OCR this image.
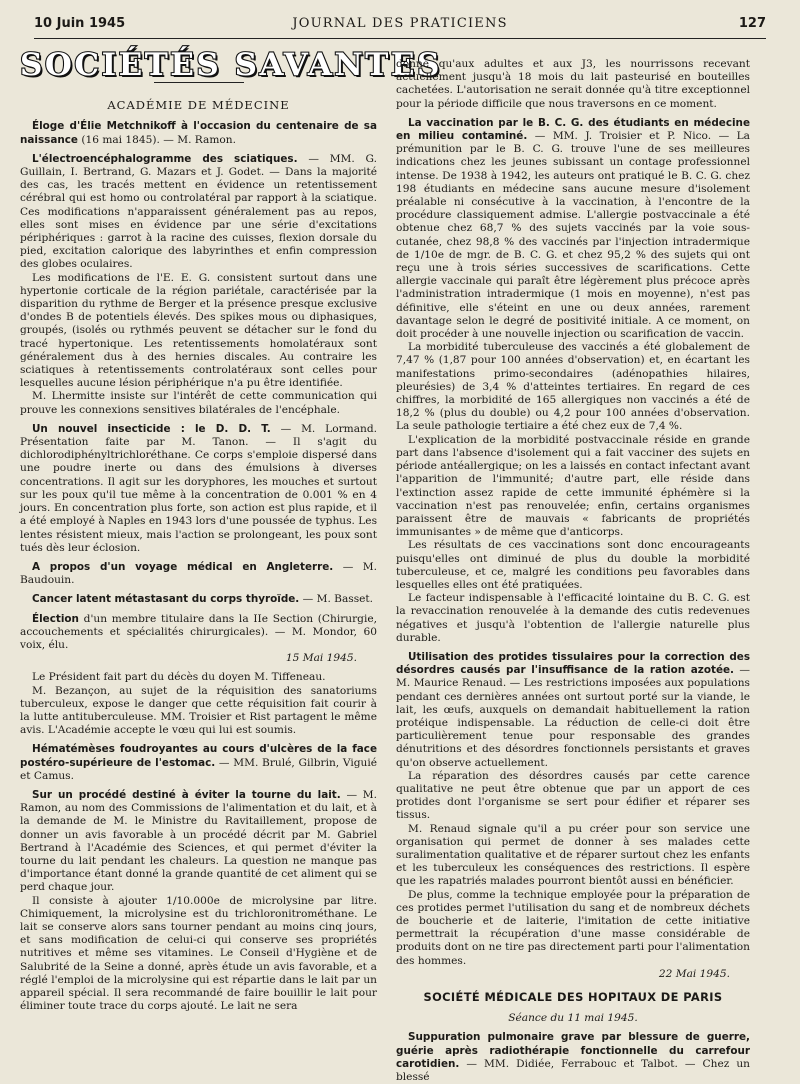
10 Juin 1945	JOURNAL DES PRATICIENS	127
SOCIÉTÉS SAVANTES
ACADÉMIE DE MÉDECINE

Éloge d'Élie Metchnikoff à l'occasion du centenaire de sa naissance (16 mai 1845). — M. Ramon.

L'électroencéphalogramme des sciatiques. — MM. G. Guillain, I. Bertrand, G. Mazars et J. Godet. — Dans la majorité des cas, les tracés mettent en évidence un retentissement cérébral qui est homo ou controlatéral par rapport à la sciatique. Ces modifications n'apparaissent généralement pas au repos, elles sont mises en évidence par une série d'excitations périphériques : garrot à la racine des cuisses, flexion dorsale du pied, excitation calorique des labyrinthes et enfin compression des globes oculaires.

Les modifications de l'E. E. G. consistent surtout dans une hypertonie corticale de la région pariétale, caractérisée par la disparition du rythme de Berger et la présence presque exclusive d'ondes B de potentiels élevés. Des spikes mous ou diphasiques, groupés, (isolés ou rythmés peuvent se détacher sur le fond du tracé hypertonique. Les retentissements homolatéraux sont généralement dus à des hernies discales. Au contraire les sciatiques à retentissements controlatéraux sont celles pour lesquelles aucune lésion périphérique n'a pu être identifiée.

M. Lhermitte insiste sur l'intérêt de cette communication qui prouve les connexions sensitives bilatérales de l'encéphale.

Un nouvel insecticide : le D. D. T. — M. Lormand. Présentation faite par M. Tanon. — Il s'agit du dichlorodiphényltrichloréthane. Ce corps s'emploie dispersé dans une poudre inerte ou dans des émulsions à diverses concentrations. Il agit sur les doryphores, les mouches et surtout sur les poux qu'il tue même à la concentration de 0.001 % en 4 jours. En concentration plus forte, son action est plus rapide, et il a été employé à Naples en 1943 lors d'une poussée de typhus. Les lentes résistent mieux, mais l'action se prolongeant, les poux sont tués dès leur éclosion.

A propos d'un voyage médical en Angleterre. — M. Baudouin.

Cancer latent métastasant du corps thyroïde. — M. Basset.

Élection d'un membre titulaire dans la IIe Section (Chirurgie, accouchements et spécialités chirurgicales). — M. Mondor, 60 voix, élu.

15 Mai 1945.

Le Président fait part du décès du doyen M. Tiffeneau.

M. Bezançon, au sujet de la réquisition des sanatoriums tuberculeux, expose le danger que cette réquisition fait courir à la lutte antituberculeuse. MM. Troisier et Rist partagent le même avis. L'Académie accepte le vœu qui lui est soumis.

Hématémèses foudroyantes au cours d'ulcères de la face postéro-supérieure de l'estomac. — MM. Brulé, Gilbrin, Viguié et Camus.

Sur un procédé destiné à éviter la tourne du lait. — M. Ramon, au nom des Commissions de l'alimentation et du lait, et à la demande de M. le Ministre du Ravitaillement, propose de donner un avis favorable à un procédé décrit par M. Gabriel Bertrand à l'Académie des Sciences, et qui permet d'éviter la tourne du lait pendant les chaleurs. La question ne manque pas d'importance étant donné la grande quantité de cet aliment qui se perd chaque jour.

Il consiste à ajouter 1/10.000e de microlysine par litre. Chimiquement, la microlysine est du trichloronitrométhane. Le lait se conserve alors sans tourner pendant au moins cinq jours, et sans modification de celui-ci qui conserve ses propriétés nutritives et même ses vitamines. Le Conseil d'Hygiène et de Salubrité de la Seine a donné, après étude un avis favorable, et a réglé l'emploi de la microlysine qui est répartie dans le lait par un appareil spécial. Il sera recommandé de faire bouillir le lait pour éliminer toute trace du corps ajouté. Le lait ne sera

donné qu'aux adultes et aux J3, les nourrissons recevant actuellement jusqu'à 18 mois du lait pasteurisé en bouteilles cachetées. L'autorisation ne serait donnée qu'à titre exceptionnel pour la période difficile que nous traversons en ce moment.

La vaccination par le B. C. G. des étudiants en médecine en milieu contaminé. — MM. J. Troisier et P. Nico. — La prémunition par le B. C. G. trouve l'une de ses meilleures indications chez les jeunes subissant un contage professionnel intense. De 1938 à 1942, les auteurs ont pratiqué le B. C. G. chez 198 étudiants en médecine sans aucune mesure d'isolement préalable ni consécutive à la vaccination, à l'encontre de la procédure classiquement admise. L'allergie postvaccinale a été obtenue chez 68,7 % des sujets vaccinés par la voie sous-cutanée, chez 98,8 % des vaccinés par l'injection intradermique de 1/10e de mgr. de B. C. G. et chez 95,2 % des sujets qui ont reçu une à trois séries successives de scarifications. Cette allergie vaccinale qui paraît être légèrement plus précoce après l'administration intradermique (1 mois en moyenne), n'est pas définitive, elle s'éteint en une ou deux années, rarement davantage selon le degré de positivité initiale. A ce moment, on doit procéder à une nouvelle injection ou scarification de vaccin.

La morbidité tuberculeuse des vaccinés a été globalement de 7,47 % (1,87 pour 100 années d'observation) et, en écartant les manifestations primo-secondaires (adénopathies hilaires, pleurésies) de 3,4 % d'atteintes tertiaires. En regard de ces chiffres, la morbidité de 165 allergiques non vaccinés a été de 18,2 % (plus du double) ou 4,2 pour 100 années d'observation. La seule pathologie tertiaire a été chez eux de 7,4 %.

L'explication de la morbidité postvaccinale réside en grande part dans l'absence d'isolement qui a fait vacciner des sujets en période antéallergique; on les a laissés en contact infectant avant l'apparition de l'immunité; d'autre part, elle réside dans l'extinction assez rapide de cette immunité éphémère si la vaccination n'est pas renouvelée; enfin, certains organismes paraissent être de mauvais « fabricants de propriétés immunisantes » de même que d'anticorps.

Les résultats de ces vaccinations sont donc encourageants puisqu'elles ont diminué de plus du double la morbidité tuberculeuse, et ce, malgré les conditions peu favorables dans lesquelles elles ont été pratiquées.

Le facteur indispensable à l'efficacité lointaine du B. C. G. est la revaccination renouvelée à la demande des cutis redevenues négatives et jusqu'à l'obtention de l'allergie naturelle plus durable.

Utilisation des protides tissulaires pour la correction des désordres causés par l'insuffisance de la ration azotée. — M. Maurice Renaud. — Les restrictions imposées aux populations pendant ces dernières années ont surtout porté sur la viande, le lait, les œufs, auxquels on demandait habituellement la ration protéique indispensable. La réduction de celle-ci doit être particulièrement tenue pour responsable des grandes dénutritions et des désordres fonctionnels persistants et graves qu'on observe actuellement.

La réparation des désordres causés par cette carence qualitative ne peut être obtenue que par un apport de ces protides dont l'organisme se sert pour édifier et réparer ses tissus.

M. Renaud signale qu'il a pu créer pour son service une organisation qui permet de donner à ses malades cette suralimentation qualitative et de réparer surtout chez les enfants et les tuberculeux les conséquences des restrictions. Il espère que les rapatriés malades pourront bientôt aussi en bénéficier.

De plus, comme la technique employée pour la préparation de ces protides permet l'utilisation du sang et de nombreux déchets de boucherie et de laiterie, l'imitation de cette initiative permettrait la récupération d'une masse considérable de produits dont on ne tire pas directement parti pour l'alimentation des hommes.

22 Mai 1945.

SOCIÉTÉ MÉDICALE DES HOPITAUX DE PARIS
Séance du 11 mai 1945.

Suppuration pulmonaire grave par blessure de guerre, guérie après radiothérapie fonctionnelle du carrefour carotidien. — MM. Didiée, Ferrabouc et Talbot. — Chez un blessé
